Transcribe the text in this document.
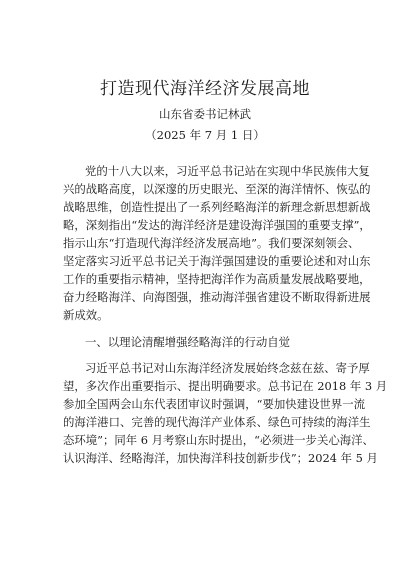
打造现代海洋经济发展高地

山东省委书记林武

（2025 年 7 月 1 日）

党的十八大以来，习近平总书记站在实现中华民族伟大复

兴的战略高度，以深邃的历史眼光、至深的海洋情怀、恢弘的

战略思维，创造性提出了一系列经略海洋的新理念新思想新战

略，深刻指出“发达的海洋经济是建设海洋强国的重要支撑”，

指示山东“打造现代海洋经济发展高地”。我们要深刻领会、

坚定落实习近平总书记关于海洋强国建设的重要论述和对山东

工作的重要指示精神，坚持把海洋作为高质量发展战略要地，

奋力经略海洋、向海图强，推动海洋强省建设不断取得新进展

新成效。

一、以理论清醒增强经略海洋的行动自觉

习近平总书记对山东海洋经济发展始终念兹在兹、寄予厚

望，多次作出重要指示、提出明确要求。总书记在 2018 年 3 月

参加全国两会山东代表团审议时强调，“要加快建设世界一流

的海洋港口、完善的现代海洋产业体系、绿色可持续的海洋生

态环境”；同年 6 月考察山东时提出，“必须进一步关心海洋、

认识海洋、经略海洋，加快海洋科技创新步伐”；2024 年 5 月
